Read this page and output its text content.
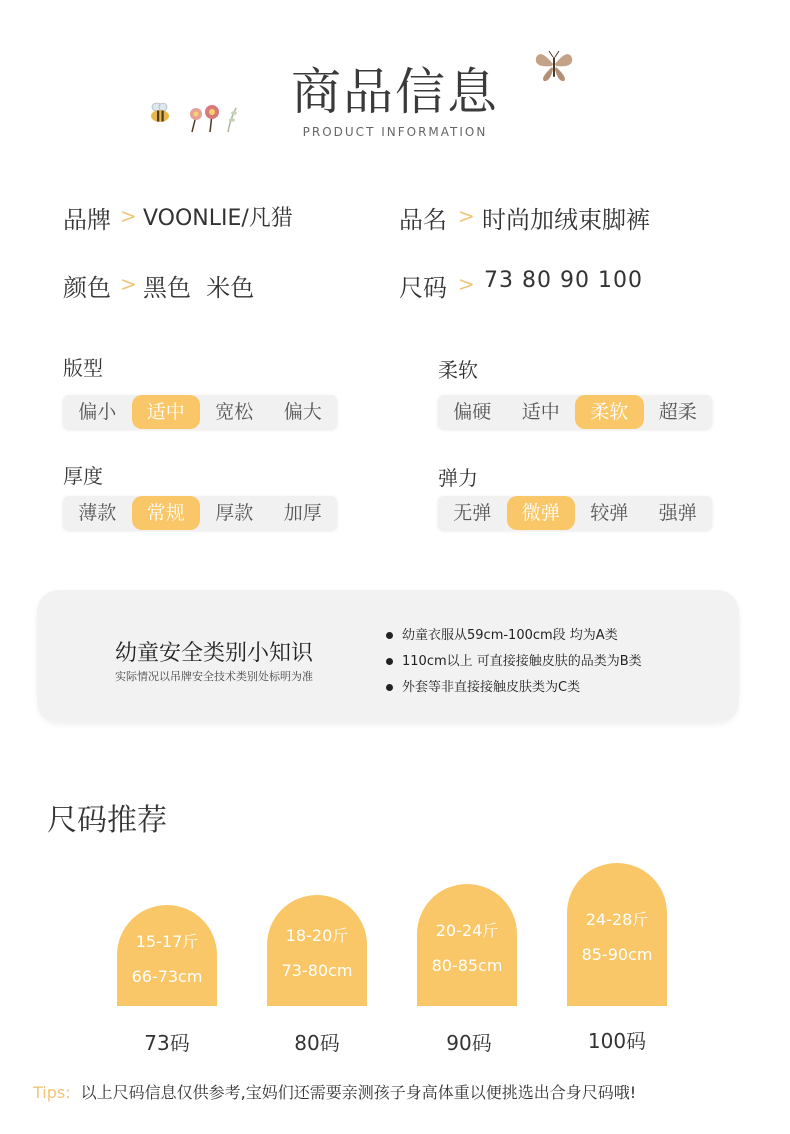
商品信息
PRODUCT INFORMATION
品牌 > VOONLIE/凡猎	品名 > 时尚加绒束脚裤
颜色 > 黑色  米色	尺码 > 73 80 90 100
版型
偏小	适中	宽松	偏大
柔软
偏硬	适中	柔软	超柔
厚度
薄款	常规	厚款	加厚
弹力
无弹	微弹	较弹	强弹
幼童安全类别小知识
实际情况以吊牌安全技术类别处标明为准
幼童衣服从59cm-100cm段 均为A类
110cm以上 可直接接触皮肤的品类为B类
外套等非直接接触皮肤类为C类
尺码推荐
15-17斤
66-73cm
73码
18-20斤
73-80cm
80码
20-24斤
80-85cm
90码
24-28斤
85-90cm
100码
Tips: 以上尺码信息仅供参考,宝妈们还需要亲测孩子身高体重以便挑选出合身尺码哦!
